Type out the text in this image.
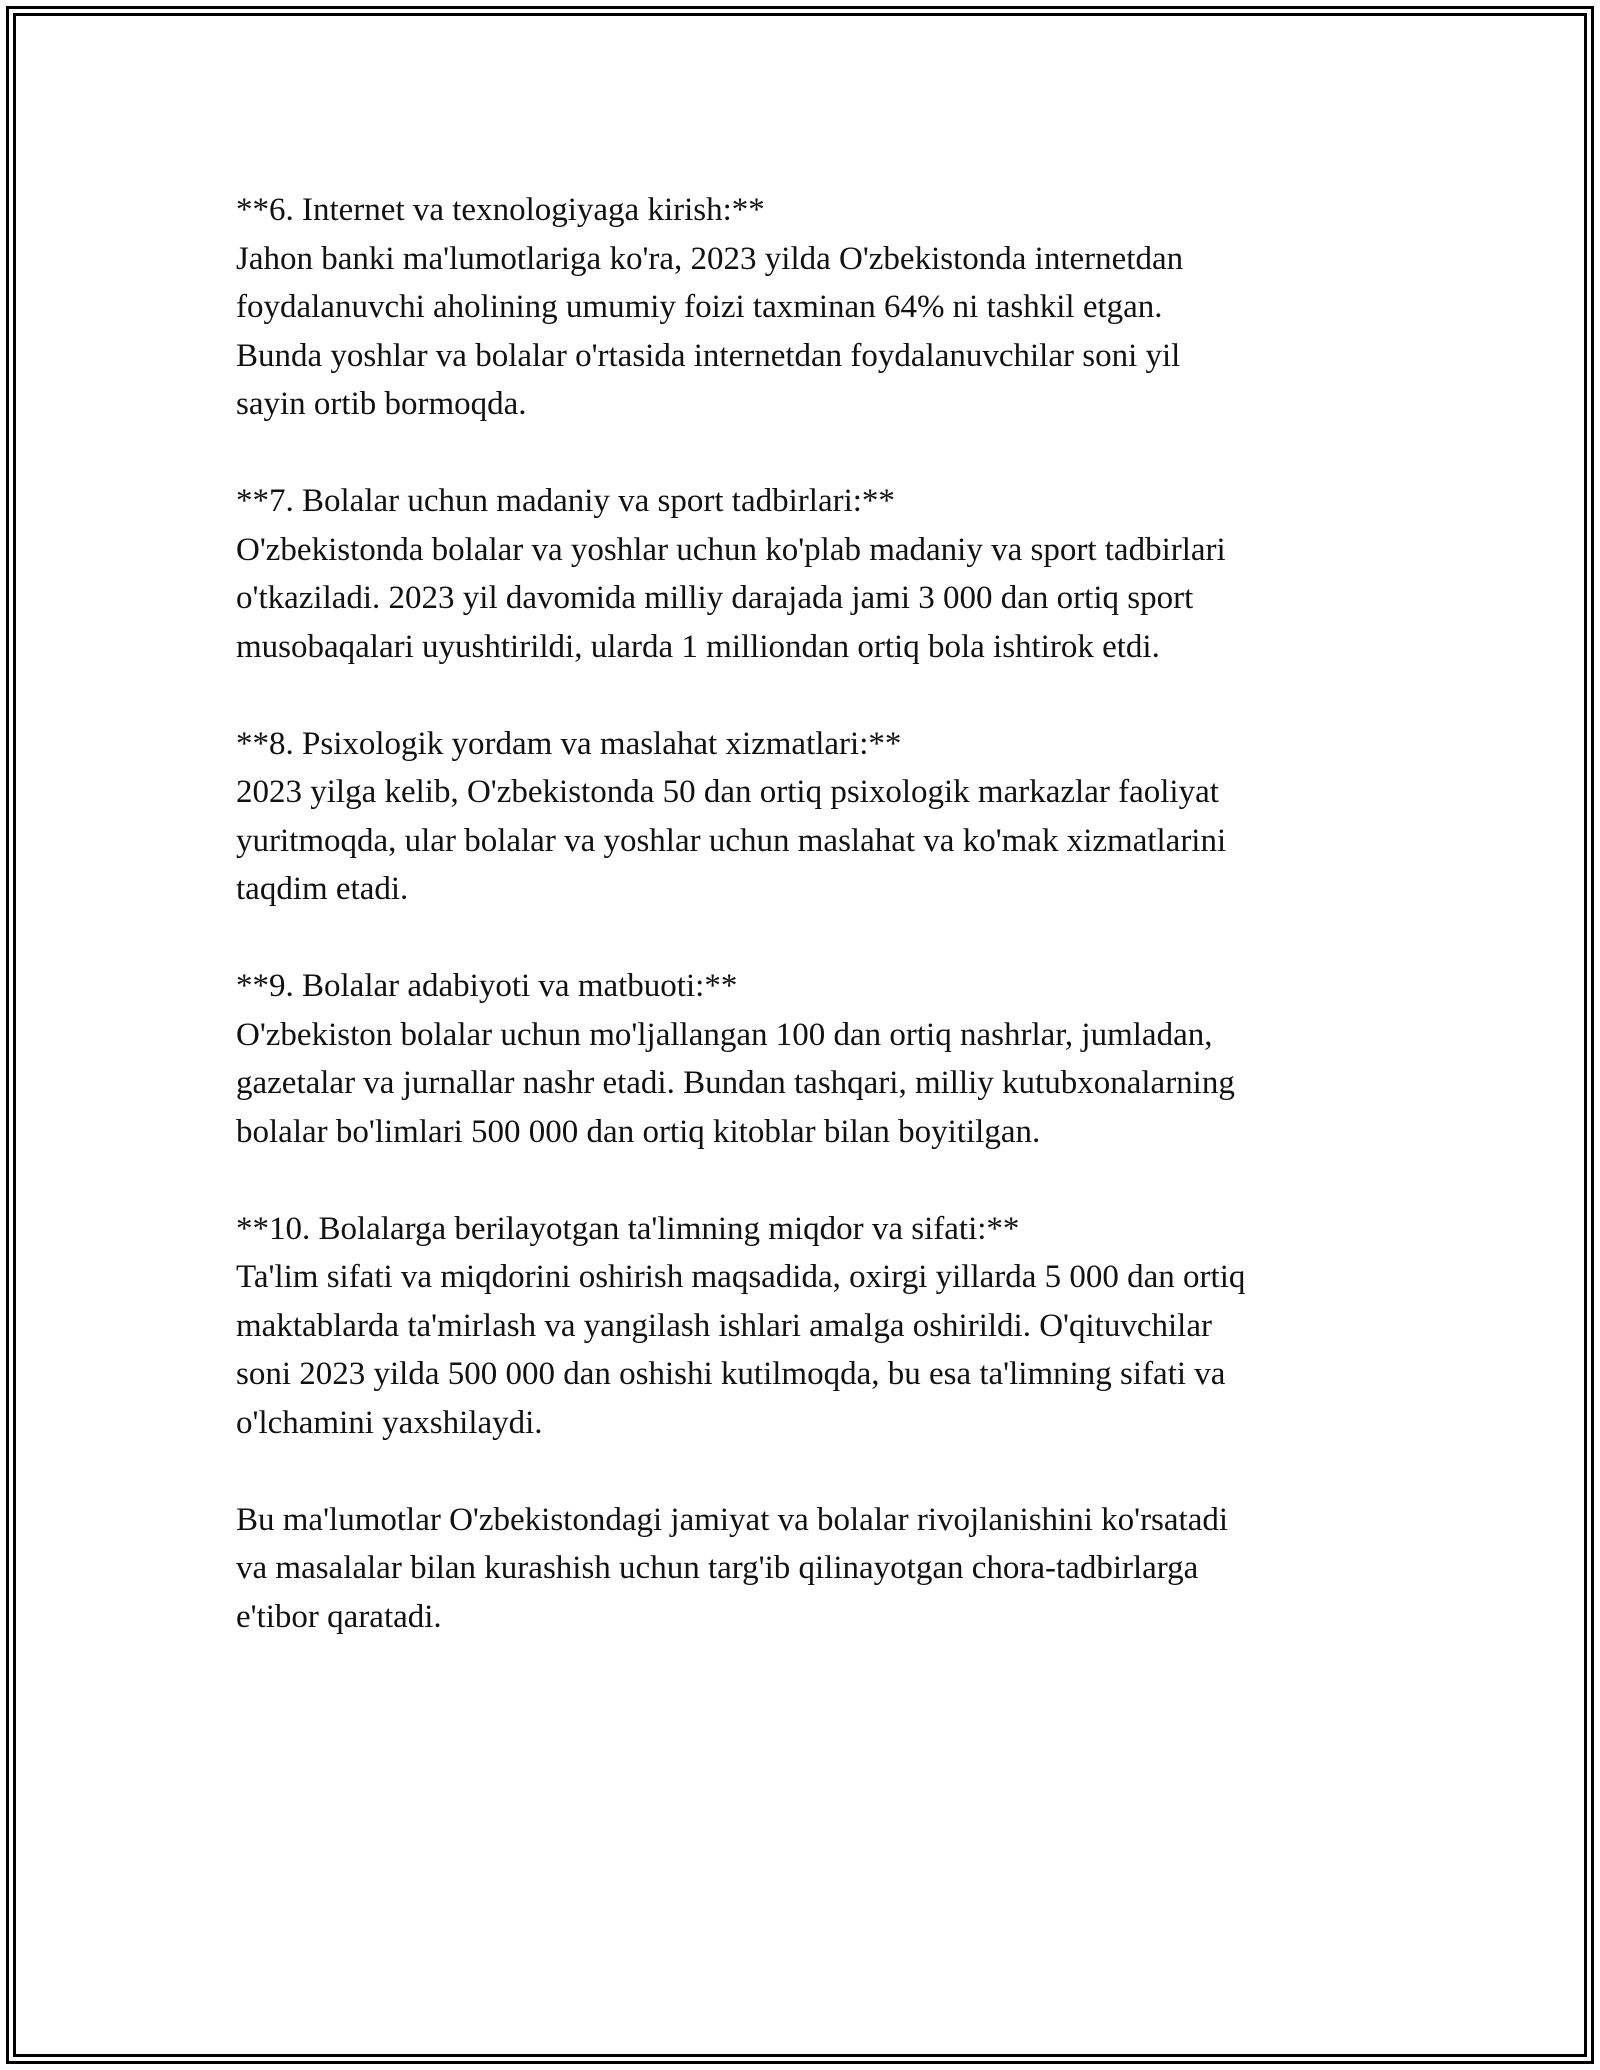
**6. Internet va texnologiyaga kirish:**

Jahon banki ma'lumotlariga ko'ra, 2023 yilda O'zbekistonda internetdan
foydalanuvchi aholining umumiy foizi taxminan 64% ni tashkil etgan.
Bunda yoshlar va bolalar o'rtasida internetdan foydalanuvchilar soni yil
sayin ortib bormoqda.

**7. Bolalar uchun madaniy va sport tadbirlari:**

O'zbekistonda bolalar va yoshlar uchun ko'plab madaniy va sport tadbirlari
o'tkaziladi. 2023 yil davomida milliy darajada jami 3 000 dan ortiq sport
musobaqalari uyushtirildi, ularda 1 milliondan ortiq bola ishtirok etdi.

**8. Psixologik yordam va maslahat xizmatlari:**

2023 yilga kelib, O'zbekistonda 50 dan ortiq psixologik markazlar faoliyat
yuritmoqda, ular bolalar va yoshlar uchun maslahat va ko'mak xizmatlarini
taqdim etadi.

**9. Bolalar adabiyoti va matbuoti:**

O'zbekiston bolalar uchun mo'ljallangan 100 dan ortiq nashrlar, jumladan,
gazetalar va jurnallar nashr etadi. Bundan tashqari, milliy kutubxonalarning
bolalar bo'limlari 500 000 dan ortiq kitoblar bilan boyitilgan.

**10. Bolalarga berilayotgan ta'limning miqdor va sifati:**

Ta'lim sifati va miqdorini oshirish maqsadida, oxirgi yillarda 5 000 dan ortiq
maktablarda ta'mirlash va yangilash ishlari amalga oshirildi. O'qituvchilar
soni 2023 yilda 500 000 dan oshishi kutilmoqda, bu esa ta'limning sifati va
o'lchamini yaxshilaydi.

Bu ma'lumotlar O'zbekistondagi jamiyat va bolalar rivojlanishini ko'rsatadi
va masalalar bilan kurashish uchun targ'ib qilinayotgan chora-tadbirlarga
e'tibor qaratadi.
